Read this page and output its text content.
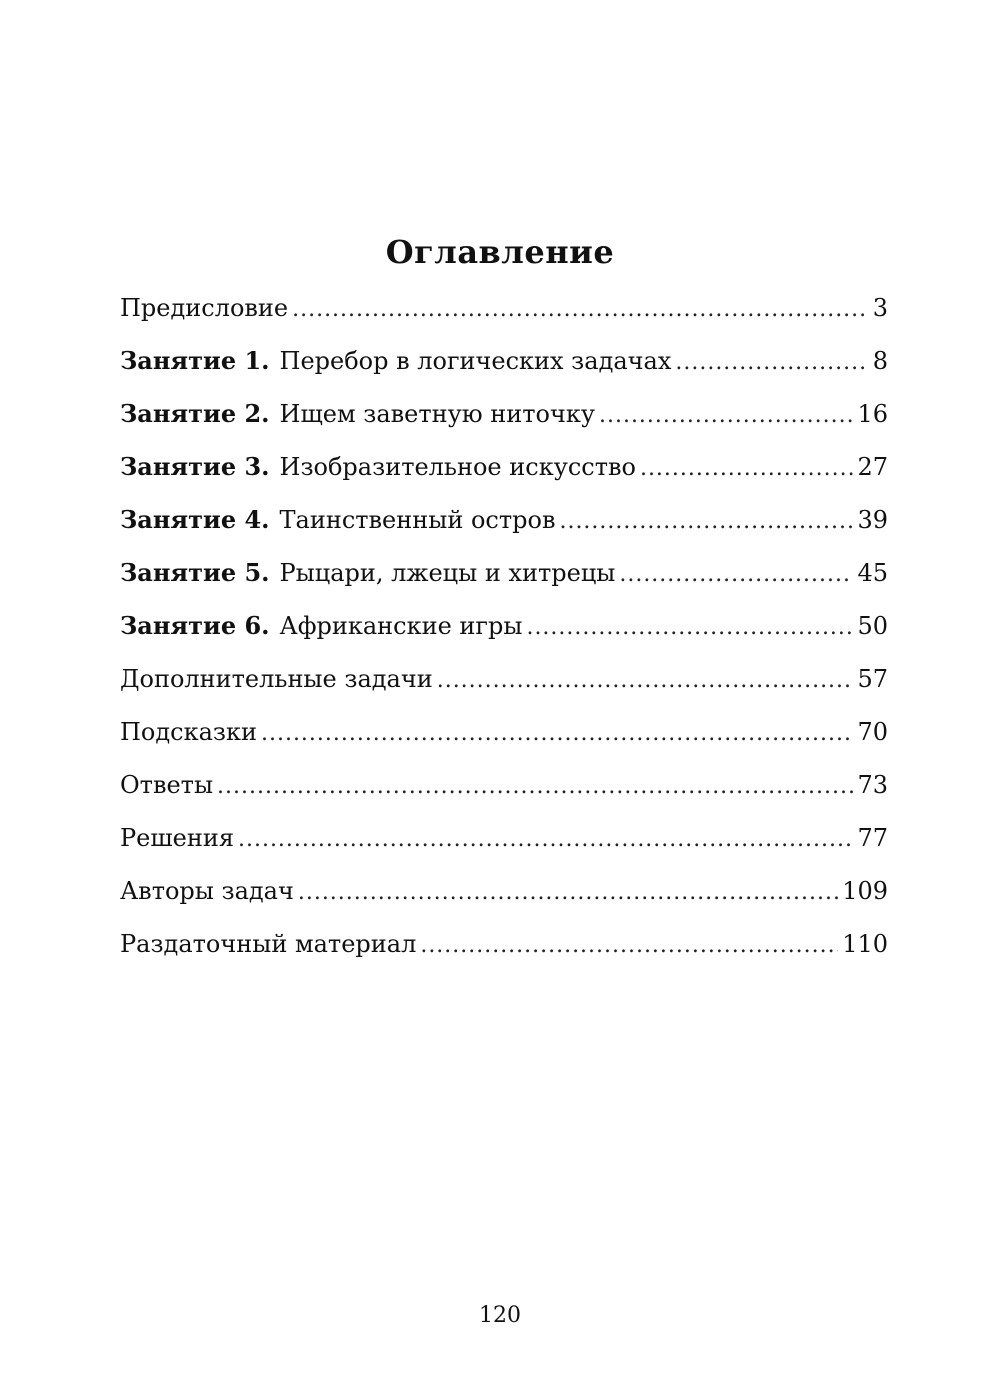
Оглавление
Предисловие . . .	3
Занятие 1. Перебор в логических задачах . . .	8
Занятие 2. Ищем заветную ниточку . . .	16
Занятие 3. Изобразительное искусство . . .	27
Занятие 4. Таинственный остров . . .	39
Занятие 5. Рыцари, лжецы и хитрецы . . .	45
Занятие 6. Африканские игры . . .	50
Дополнительные задачи . . .	57
Подсказки . . .	70
Ответы . . .	73
Решения . . .	77
Авторы задач . . .	109
Раздаточный материал . . .	110
120
